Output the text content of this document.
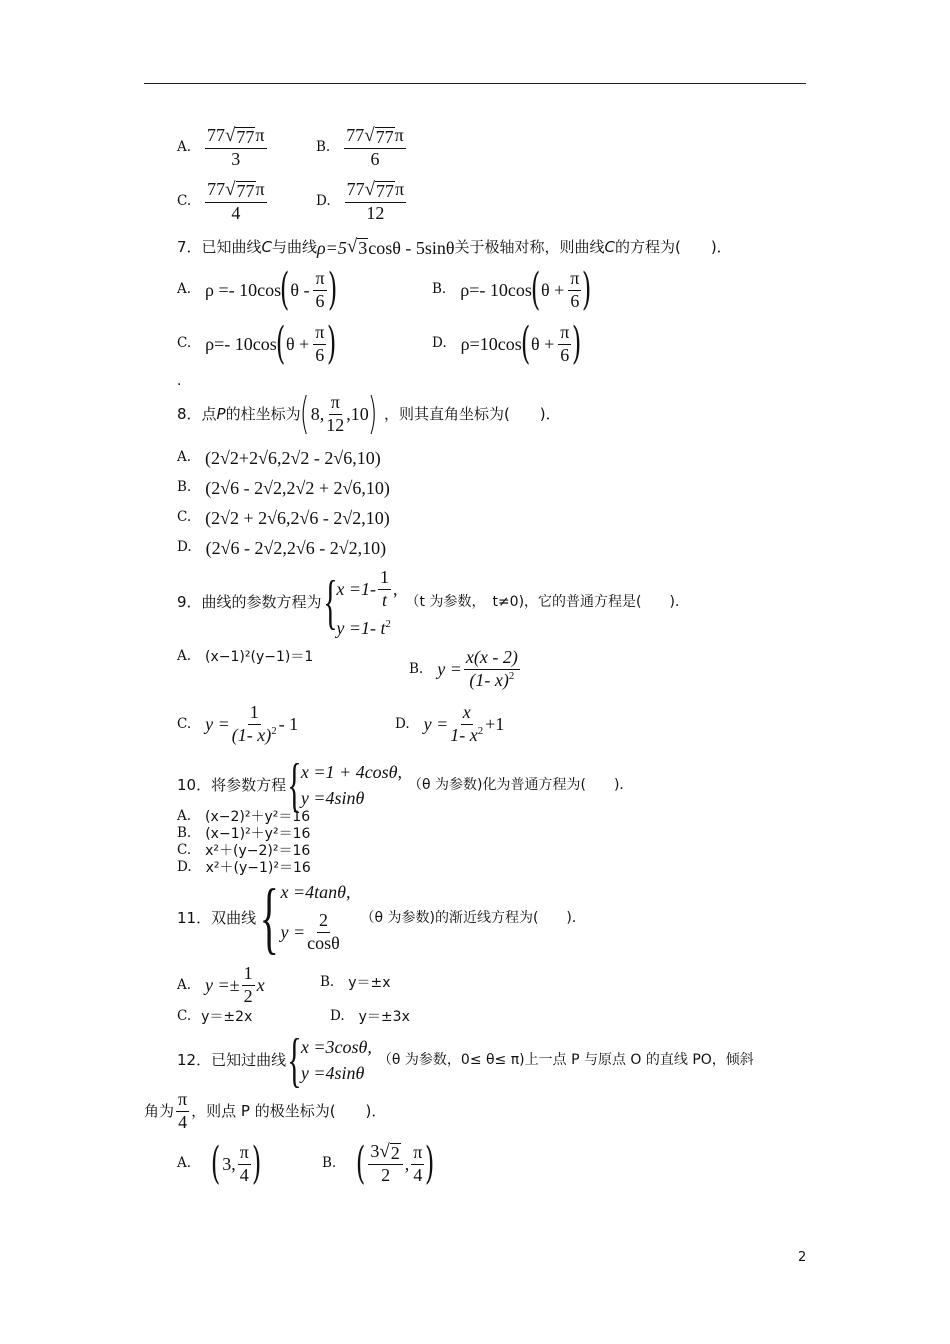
A. $\frac{77 √ 77 \pi}{3}$	B. $\frac{77 √ 77 \pi}{6}$
C. $\frac{77 √ 77 \pi}{4}$	D. $\frac{77 √ 77 \pi}{12}$
7．已知曲线 C 与曲线 ρ=5 √ 3 cosθ - 5sinθ 关于极轴对称，则曲线 C 的方程为(　　)．
A. ρ =- 10cos
( θ - $\frac{\pi}{6}$ )	B. ρ=- 10cos
( $\theta + \frac{\pi}{6}$ )
C. ρ=- 10cos
( $\theta + \frac{\pi}{6}$ )	D. ρ=10cos
( $\theta + \frac{\pi}{6}$ )
.
8．点 P 的柱坐标为
( 8, $\frac{\pi}{12} ,10$
) ，则其直角坐标为(　　)．
A. (2√2+2√6,2√2 - 2√6,10)
B. (2√6 - 2√2,2√2 + 2√6,10)
C. (2√2 + 2√6,2√6 - 2√2,10)
D. (2√6 - 2√2,2√6 - 2√2,10)
9．曲线的参数方程为 { $x =1- \frac{1}{t}$ ,
y =1- $t^2$
（t 为参数，　t≠0)，它的普通方程是(　　)．
A. (x−1)²(y−1)＝1
B. $y = \frac{x(x - 2)}{(1- x)^2}$
C. $y = \frac{1}{(1- x)^2} - 1$	D. $y = \frac{x}{1- x^2} +1$
10．将参数方程 { x =1 + 4cosθ,
y =4sinθ
（θ 为参数)化为普通方程为(　　)．
A. (x−2)²＋y²＝16
B. (x−1)²＋y²＝16
C. x²＋(y−2)²＝16
D. x²＋(y−1)²＝16
11．双曲线 { x =4tanθ,
$y = \frac{2}{\cos\theta} (\theta$ 为参数)的渐近线方程为(　　)．
A. $y =\pm \frac{1}{2}$ x	B. y＝±x
C. y＝±2x	D. y＝±3x
12．已知过曲线 { x =3cosθ,
y =4sinθ
（θ 为参数，0≤ θ≤ π)上一点 P 与原点 O 的直线 PO，倾斜
角为 $\frac{\pi}{4}$ ，则点 P 的极坐标为(　　)．
A. ( 3, $\frac{\pi}{4}$ )	B. ( $\frac{3 √ 2}{2}$ , $\frac{\pi}{4}$ )
2
